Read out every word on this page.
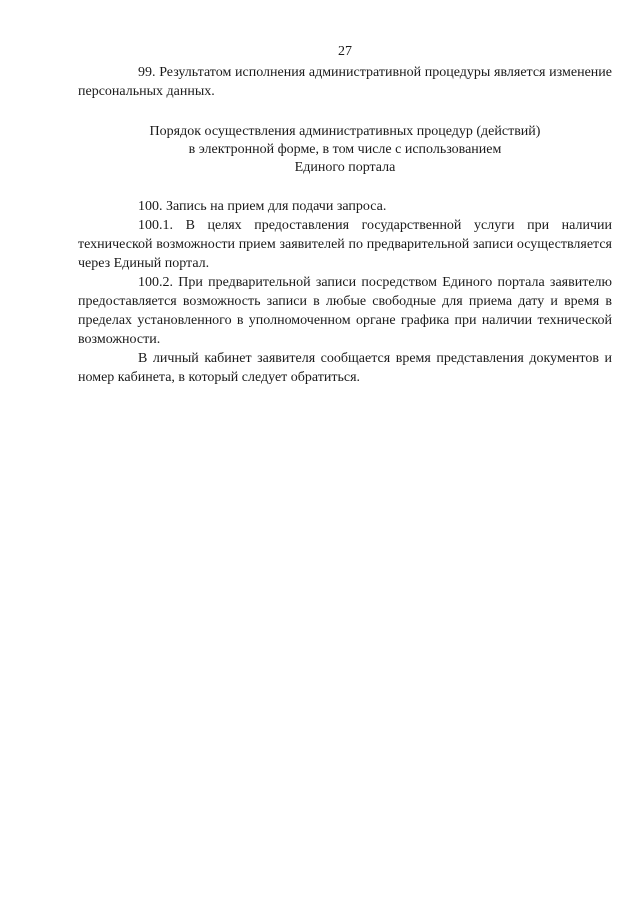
27

99. Результатом исполнения административной процедуры является изменение персональных данных.

Порядок осуществления административных процедур (действий)
в электронной форме, в том числе с использованием
Единого портала

100. Запись на прием для подачи запроса.

100.1. В целях предоставления государственной услуги при наличии технической возможности прием заявителей по предварительной записи осуществляется через Единый портал.

100.2. При предварительной записи посредством Единого портала заявителю предоставляется возможность записи в любые свободные для приема дату и время в пределах установленного в уполномоченном органе графика при наличии технической возможности.

В личный кабинет заявителя сообщается время представления документов и номер кабинета, в который следует обратиться.
